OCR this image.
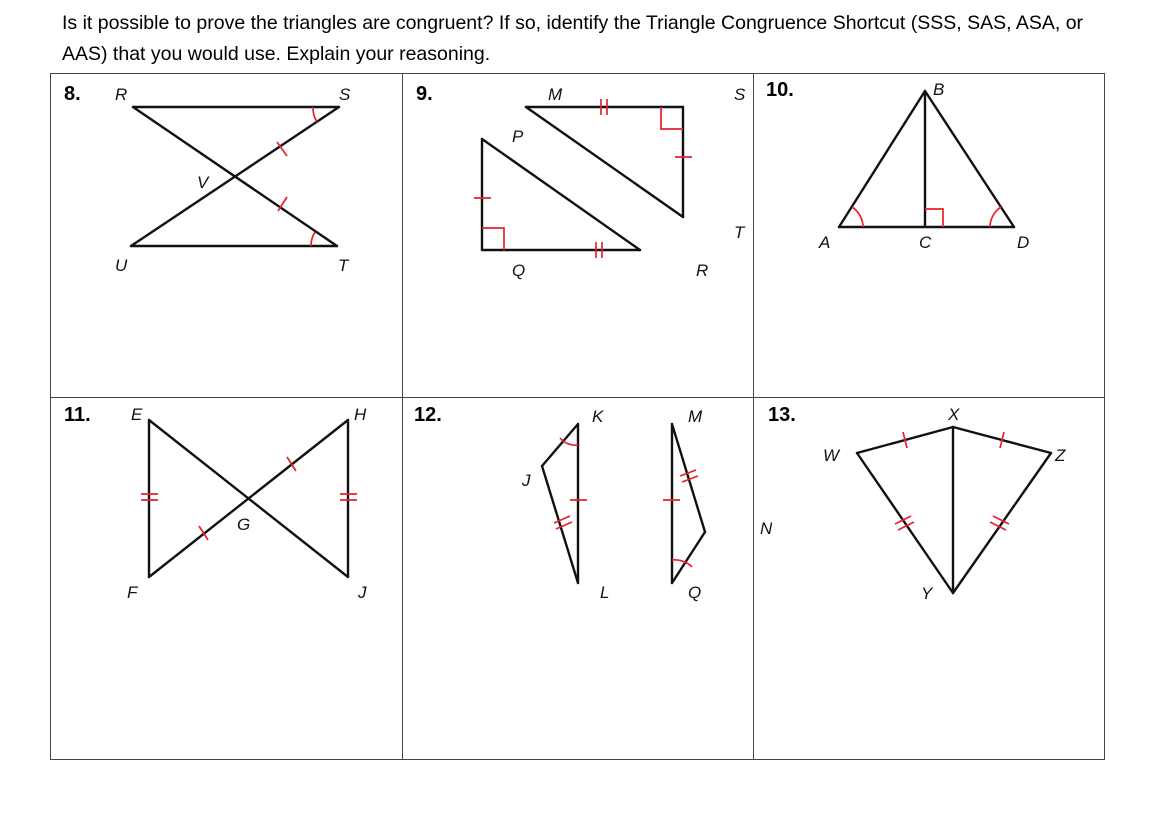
Is it possible to prove the triangles are congruent? If so, identify the Triangle Congruence Shortcut (SSS, SAS, ASA, or AAS) that you would use. Explain your reasoning.

8. R	S
V
U	T
9.	M	S
P
T
Q	R
10.	B
A	C	D
11. E	H
G
F	J
12.	K	M
J
N
L	Q
13.	X
W	Z
Y
